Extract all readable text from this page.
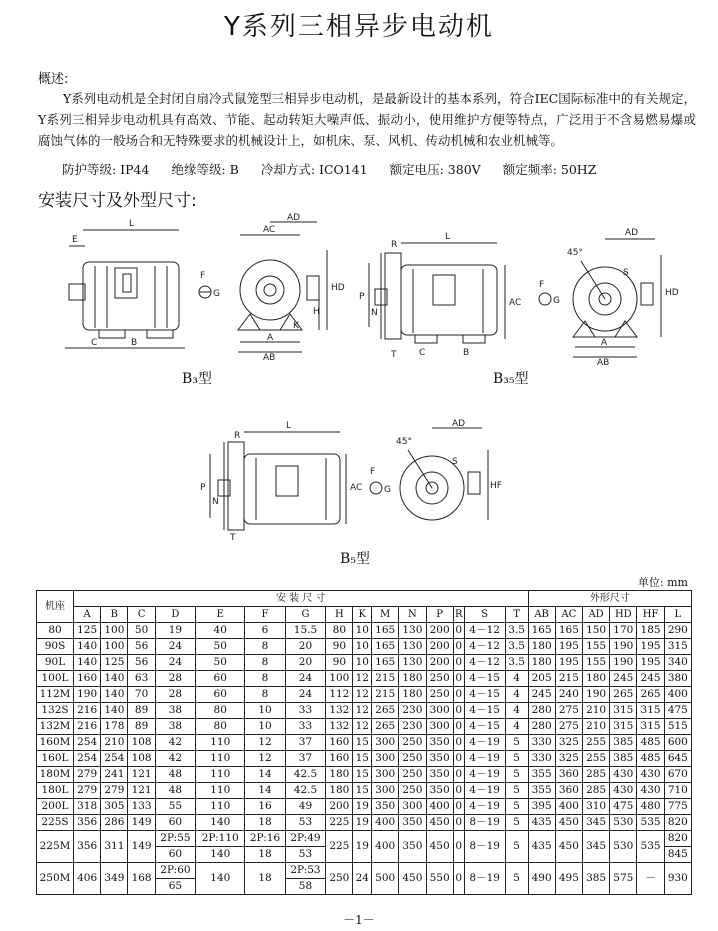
Y系列三相异步电动机
概述:
Y系列电动机是全封闭自扇冷式鼠笼型三相异步电动机，是最新设计的基本系列，符合IEC国际标准中的有关规定，Y系列三相异步电动机具有高效、节能、起动转矩大噪声低、振动小，使用维护方便等特点，广泛用于不含易燃易爆或腐蚀气体的一般场合和无特殊要求的机械设计上，如机床、泵、风机、传动机械和农业机械等。
防护等级: IP44 绝缘等级: B 冷却方式: ICO141 额定电压: 380V 额定频率: 50HZ
安装尺寸及外型尺寸:
L
E
C	B
F
G
AC
AD
HD
H
K
A
AB
B₃型
L
R
P
N
T	C	B
AC
F
G
45°
AD
HD
S
A
AB
B₃₅型
L
R
P
N
T
AC
F
G
45°
AD
S
HF
B₅型
单位: mm
机座	安 装 尺 寸															外形尺寸					
	A	B	C	D	E	F	G	H	K	M	N	P	R	S	T	AB	AC	AD	HD	HF	L
80	125	100	50	19	40	6	15.5	80	10	165	130	200	0	4－12	3.5	165	165	150	170	185	290
90S	140	100	56	24	50	8	20	90	10	165	130	200	0	4－12	3.5	180	195	155	190	195	315
90L	140	125	56	24	50	8	20	90	10	165	130	200	0	4－12	3.5	180	195	155	190	195	340
100L	160	140	63	28	60	8	24	100	12	215	180	250	0	4－15	4	205	215	180	245	245	380
112M	190	140	70	28	60	8	24	112	12	215	180	250	0	4－15	4	245	240	190	265	265	400
132S	216	140	89	38	80	10	33	132	12	265	230	300	0	4－15	4	280	275	210	315	315	475
132M	216	178	89	38	80	10	33	132	12	265	230	300	0	4－15	4	280	275	210	315	315	515
160M	254	210	108	42	110	12	37	160	15	300	250	350	0	4－19	5	330	325	255	385	485	600
160L	254	254	108	42	110	12	37	160	15	300	250	350	0	4－19	5	330	325	255	385	485	645
180M	279	241	121	48	110	14	42.5	180	15	300	250	350	0	4－19	5	355	360	285	430	430	670
180L	279	279	121	48	110	14	42.5	180	15	300	250	350	0	4－19	5	355	360	285	430	430	710
200L	318	305	133	55	110	16	49	200	19	350	300	400	0	4－19	5	395	400	310	475	480	775
225S	356	286	149	60	140	18	53	225	19	400	350	450	0	8－19	5	435	450	345	530	535	820
225M	356	311	149	2P:55	2P:110	2P:16	2P:49	225	19	400	350	450	0	8－19	5	435	450	345	530	535	820
				60	140	18	53														845
250M	406	349	168	2P:60	140	18	2P:53	250	24	500	450	550	0	8－19	5	490	495	385	575	－	930
				65			58														
－1－
